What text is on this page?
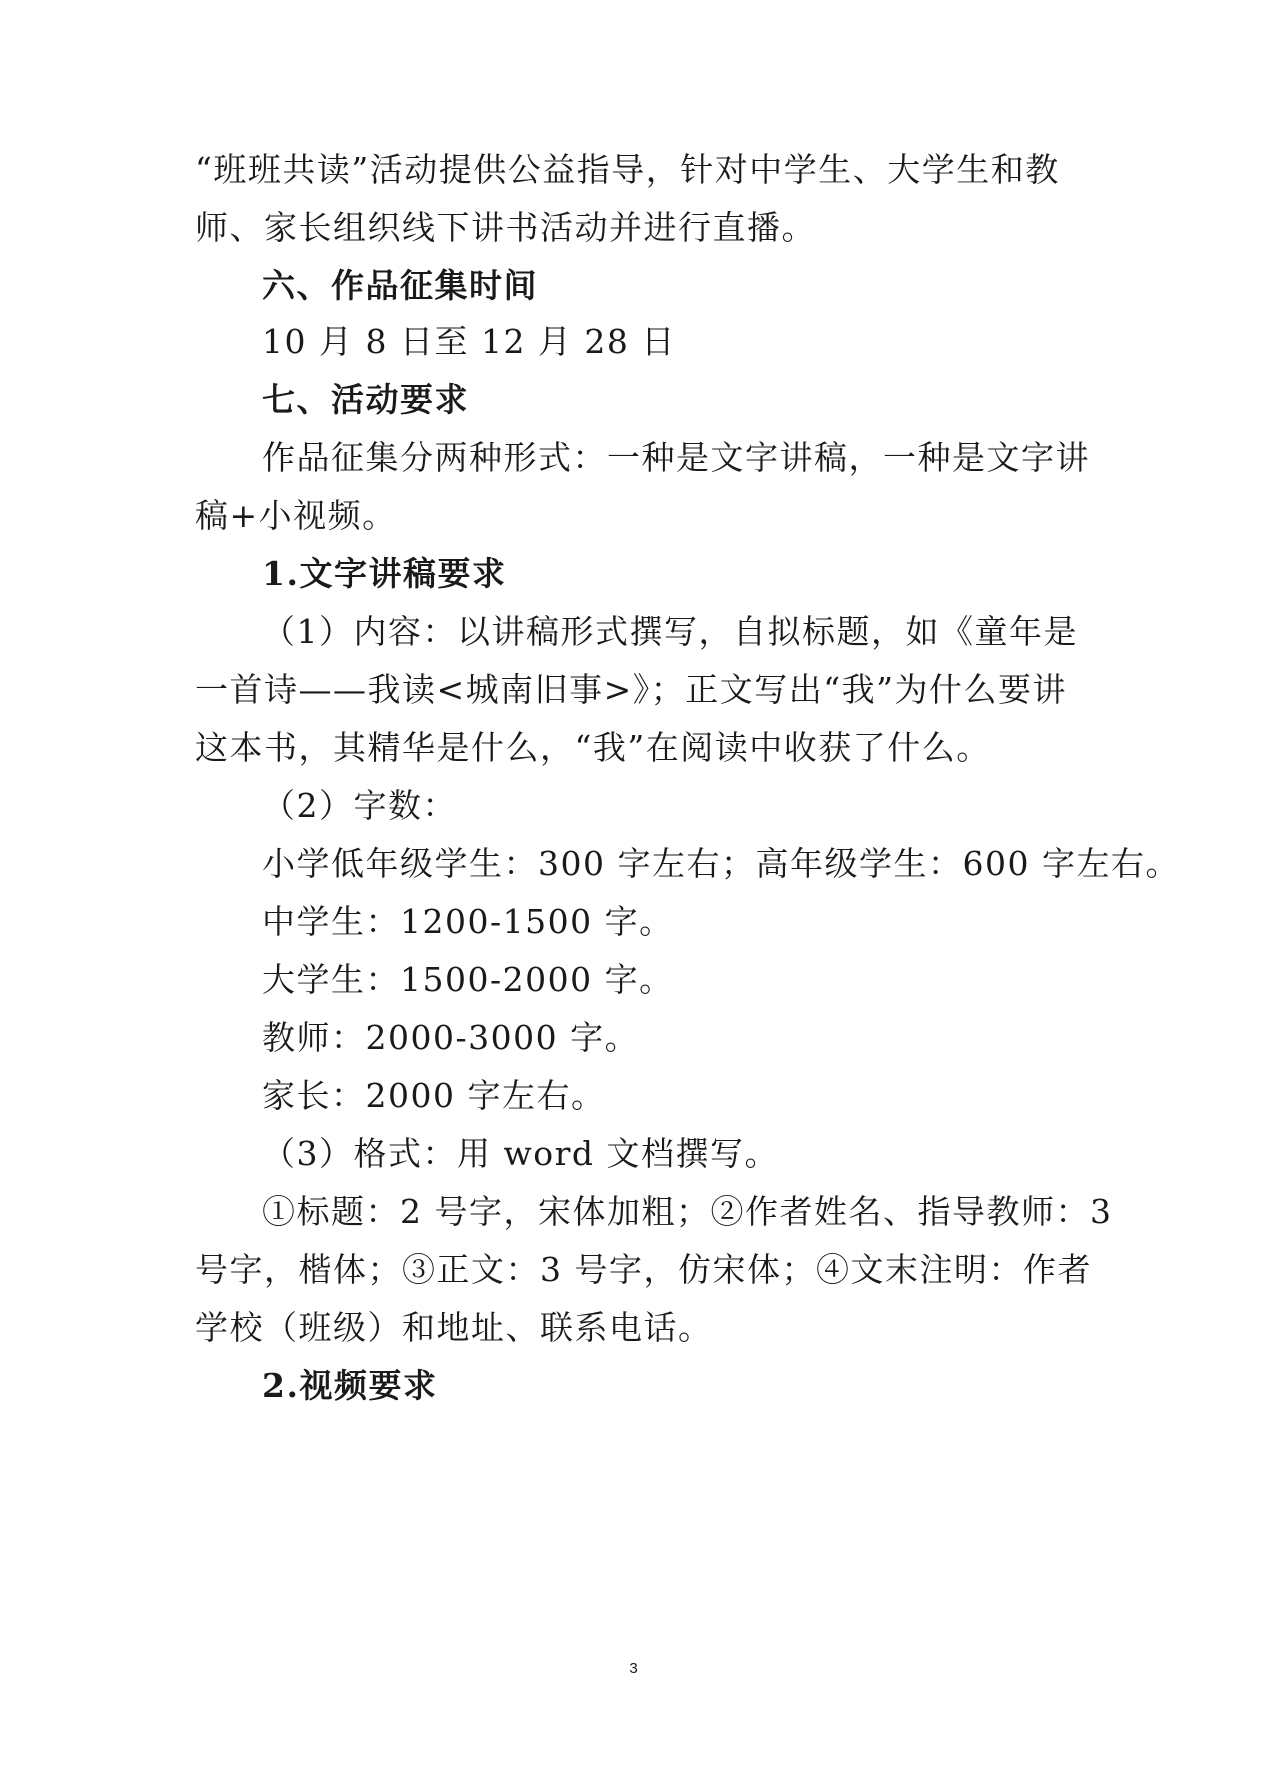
“班班共读”活动提供公益指导，针对中学生、大学生和教
师、家长组织线下讲书活动并进行直播。
六、作品征集时间
10 月 8 日至 12 月 28 日
七、活动要求
作品征集分两种形式：一种是文字讲稿，一种是文字讲
稿+小视频。
1.文字讲稿要求
（1）内容：以讲稿形式撰写，自拟标题，如《童年是
一首诗——我读<城南旧事>》；正文写出“我”为什么要讲
这本书，其精华是什么，“我”在阅读中收获了什么。
（2）字数：
小学低年级学生：300 字左右；高年级学生：600 字左右。
中学生：1200-1500 字。
大学生：1500-2000 字。
教师：2000-3000 字。
家长：2000 字左右。
（3）格式：用 word 文档撰写。
①标题：2 号字，宋体加粗；②作者姓名、指导教师：3
号字，楷体；③正文：3 号字，仿宋体；④文末注明：作者
学校（班级）和地址、联系电话。
2.视频要求
3
